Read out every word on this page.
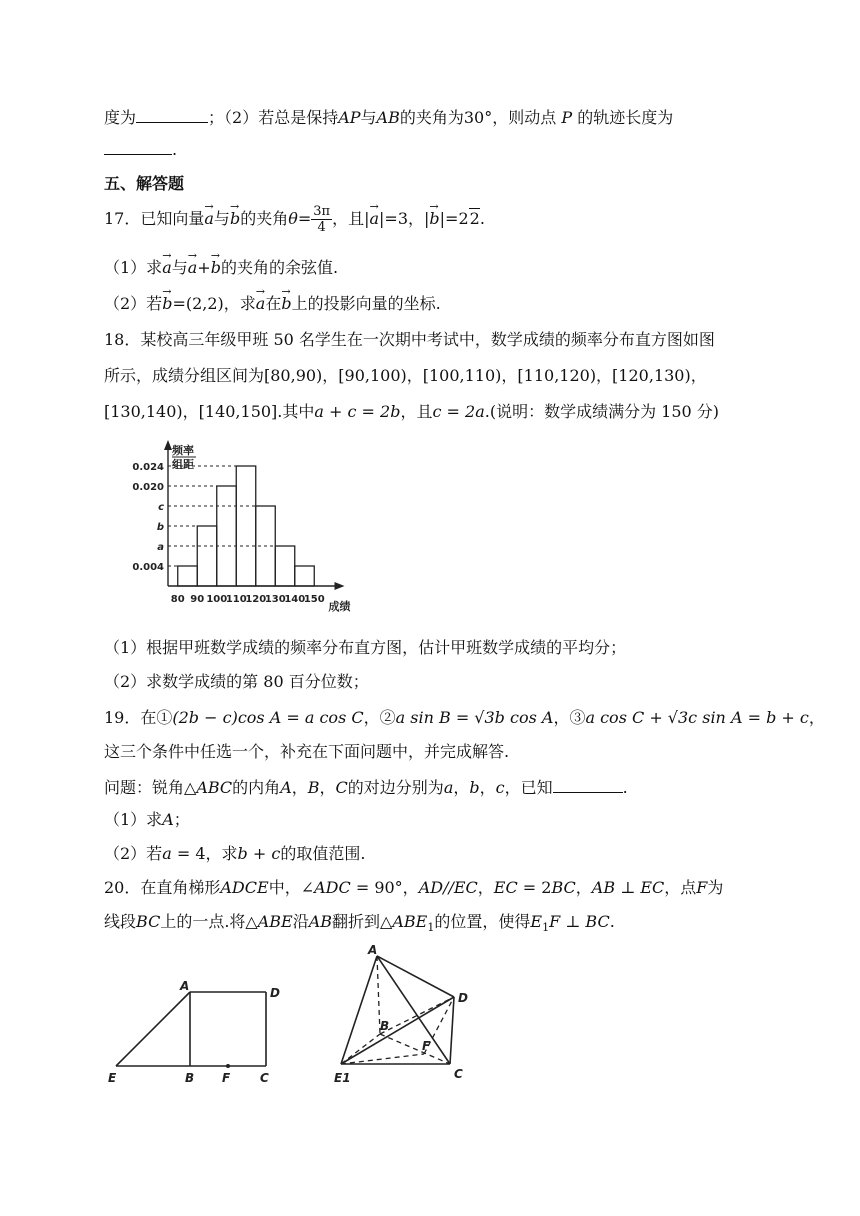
度为	；（2）若总是保持AP与AB的夹角为30°，则动点 P 的轨迹长度为
.
五、解答题
17．已知向量→ a与→ b的夹角$\theta= \frac{3\pi}{4}$ ，且|→ a|=3，|→ b|=22.
（1）求→ a与→ a+→ b的夹角的余弦值.
（2）若→ b=(2,2)，求→ a在→ b上的投影向量的坐标.
18．某校高三年级甲班 50 名学生在一次期中考试中，数学成绩的频率分布直方图如图
所示，成绩分组区间为[80,90)，[90,100)，[100,110)，[110,120)，[120,130)，
[130,140)，[140,150].其中a + c = 2b，且c = 2a.(说明：数学成绩满分为 150 分)
频率
组距
0.024
0.020
c
b
a
0.004
80 90 100
110
120
130
140
150
成绩
（1）根据甲班数学成绩的频率分布直方图，估计甲班数学成绩的平均分；
（2）求数学成绩的第 80 百分位数；
19．在①(2b − c)cos A = a cos C，②a sin B = √3b cos A，③a cos C + √3c sin A = b + c，
这三个条件中任选一个，补充在下面问题中，并完成解答.
问题：锐角△ABC的内角A，B，C的对边分别为a，b，c，已知	.
（1）求A；
（2）若a = 4，求b + c的取值范围.
20．在直角梯形ADCE中，∠ADC = 90°，AD//EC，EC = 2BC，AB ⊥ EC，点F为
线段BC上的一点.将△ABE沿AB翻折到$\triangle ABE_1$的位置，使得$E_1F$ ⊥ BC.
A	D
E	B F C
A
D
B
F
E1	C
